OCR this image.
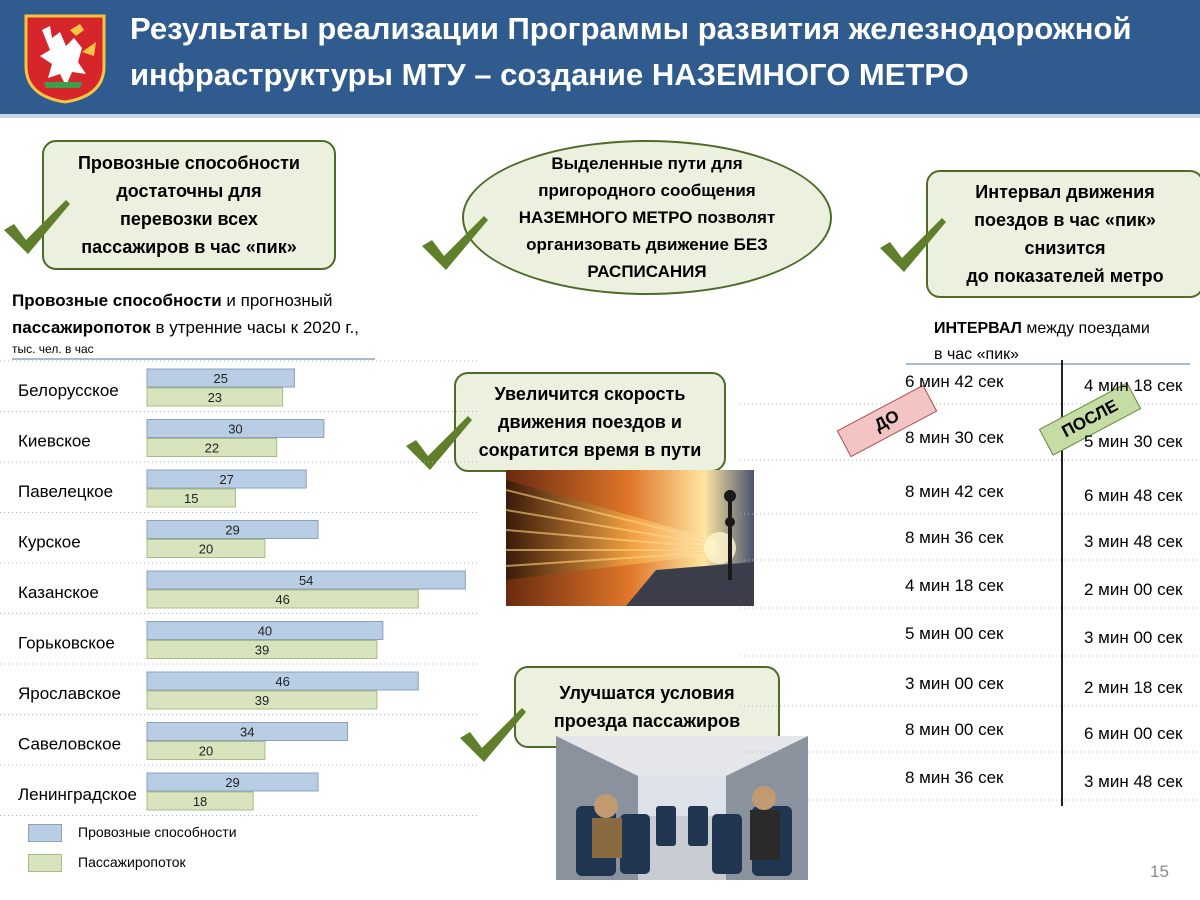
Результаты реализации Программы развития железнодорожной
инфраструктуры МТУ – создание НАЗЕМНОГО МЕТРО
Провозные способности
достаточны для
перевозки всех
пассажиров в час «пик»
Выделенные пути для
пригородного сообщения
НАЗЕМНОГО МЕТРО позволят
организовать движение БЕЗ
РАСПИСАНИЯ
Интервал движения
поездов в час «пик»
снизится
до показателей метро
Увеличится скорость
движения поездов и
сократится время в пути
Улучшатся условия
проезда пассажиров
Провозные способности и прогнозный
пассажиропоток в утренние часы к 2020 г.,
тыс. чел. в час
Белорусское
25
23
Киевское
30
22
Павелецкое
27
15
Курское
29
20
Казанское
54
46
Горьковское
40
39
Ярославское
46
39
Савеловское
34
20
Ленинградское
29
18
Провозные способности
Пассажиропоток
ИНТЕРВАЛ между поездами
в час «пик»
ДО	ПОСЛЕ
6 мин 42 сек	4 мин 18 сек
8 мин 30 сек	5 мин 30 сек
8 мин 42 сек	6 мин 48 сек
8 мин 36 сек	3 мин 48 сек
4 мин 18 сек	2 мин 00 сек
5 мин 00 сек	3 мин 00 сек
3 мин 00 сек	2 мин 18 сек
8 мин 00 сек	6 мин 00 сек
8 мин 36 сек	3 мин 48 сек
15
